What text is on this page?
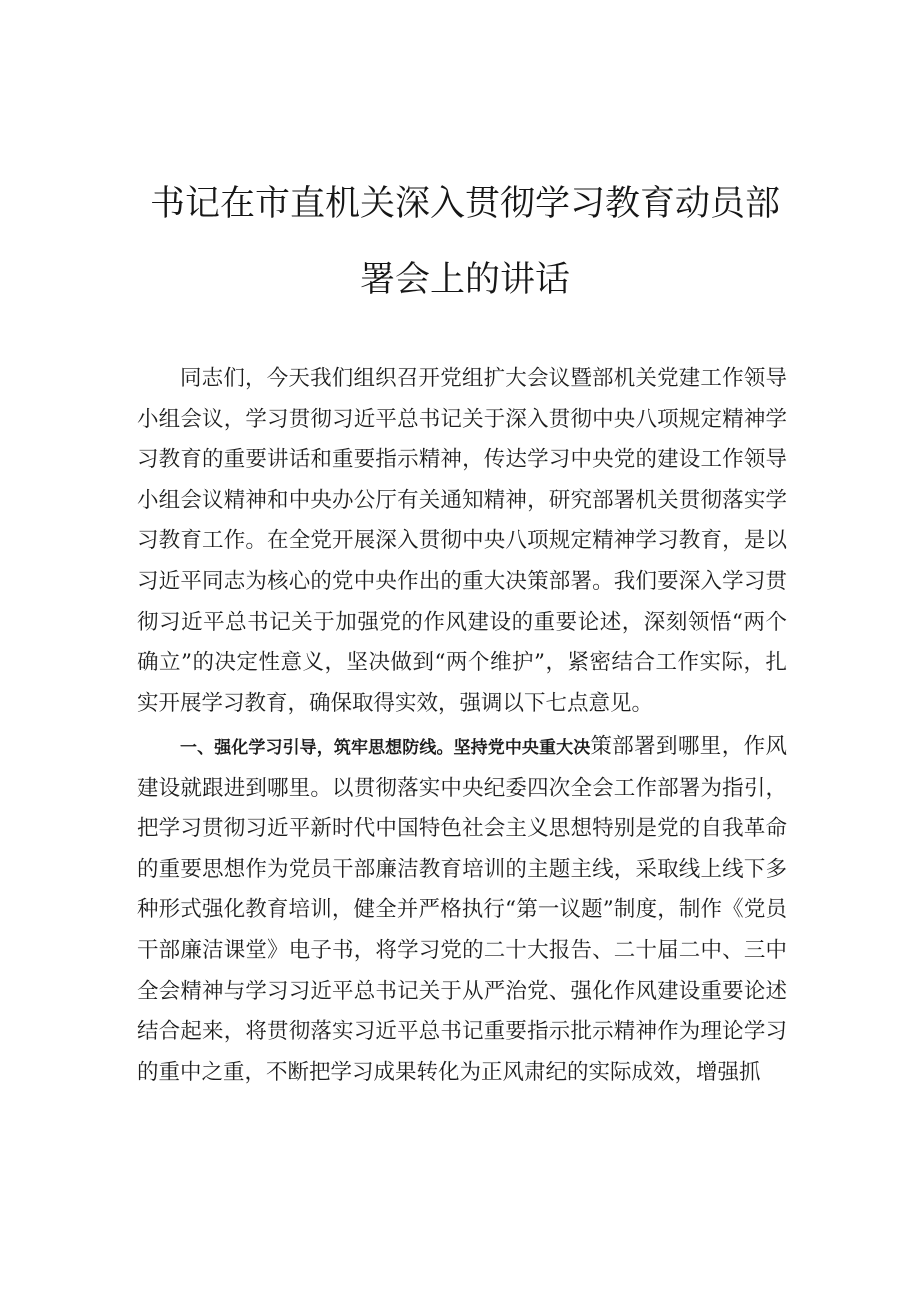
书记在市直机关深入贯彻学习教育动员部
署会上的讲话

同志们，今天我们组织召开党组扩大会议暨部机关党建工作领导小组会议，学习贯彻习近平总书记关于深入贯彻中央八项规定精神学习教育的重要讲话和重要指示精神，传达学习中央党的建设工作领导小组会议精神和中央办公厅有关通知精神，研究部署机关贯彻落实学习教育工作。在全党开展深入贯彻中央八项规定精神学习教育，是以习近平同志为核心的党中央作出的重大决策部署。我们要深入学习贯彻习近平总书记关于加强党的作风建设的重要论述，深刻领悟“两个确立”的决定性意义，坚决做到“两个维护”，紧密结合工作实际，扎实开展学习教育，确保取得实效，强调以下七点意见。

一、强化学习引导，筑牢思想防线。坚持党中央重大决策部署到哪里，作风建设就跟进到哪里。以贯彻落实中央纪委四次全会工作部署为指引，把学习贯彻习近平新时代中国特色社会主义思想特别是党的自我革命的重要思想作为党员干部廉洁教育培训的主题主线，采取线上线下多种形式强化教育培训，健全并严格执行“第一议题”制度，制作《党员干部廉洁课堂》电子书，将学习党的二十大报告、二十届二中、三中全会精神与学习习近平总书记关于从严治党、强化作风建设重要论述结合起来，将贯彻落实习近平总书记重要指示批示精神作为理论学习的重中之重，不断把学习成果转化为正风肃纪的实际成效，增强抓
